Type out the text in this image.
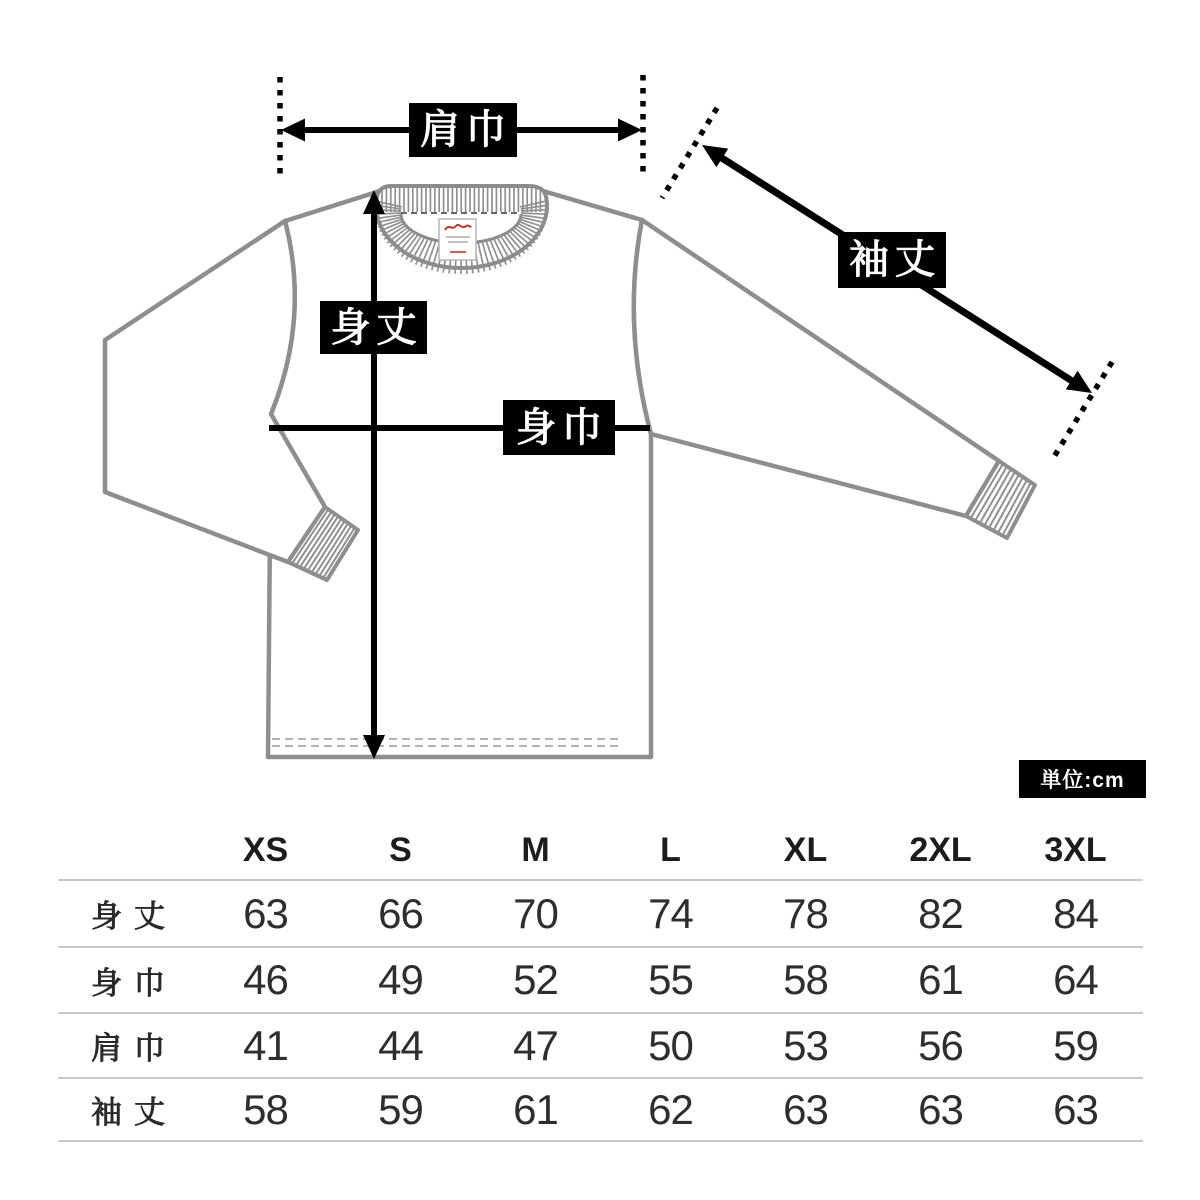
肩巾
身丈
身巾
袖丈
単位:cm
	XS	S	M	L	XL	2XL	3XL
身丈	63	66	70	74	78	82	84
身巾	46	49	52	55	58	61	64
肩巾	41	44	47	50	53	56	59
袖丈	58	59	61	62	63	63	63
